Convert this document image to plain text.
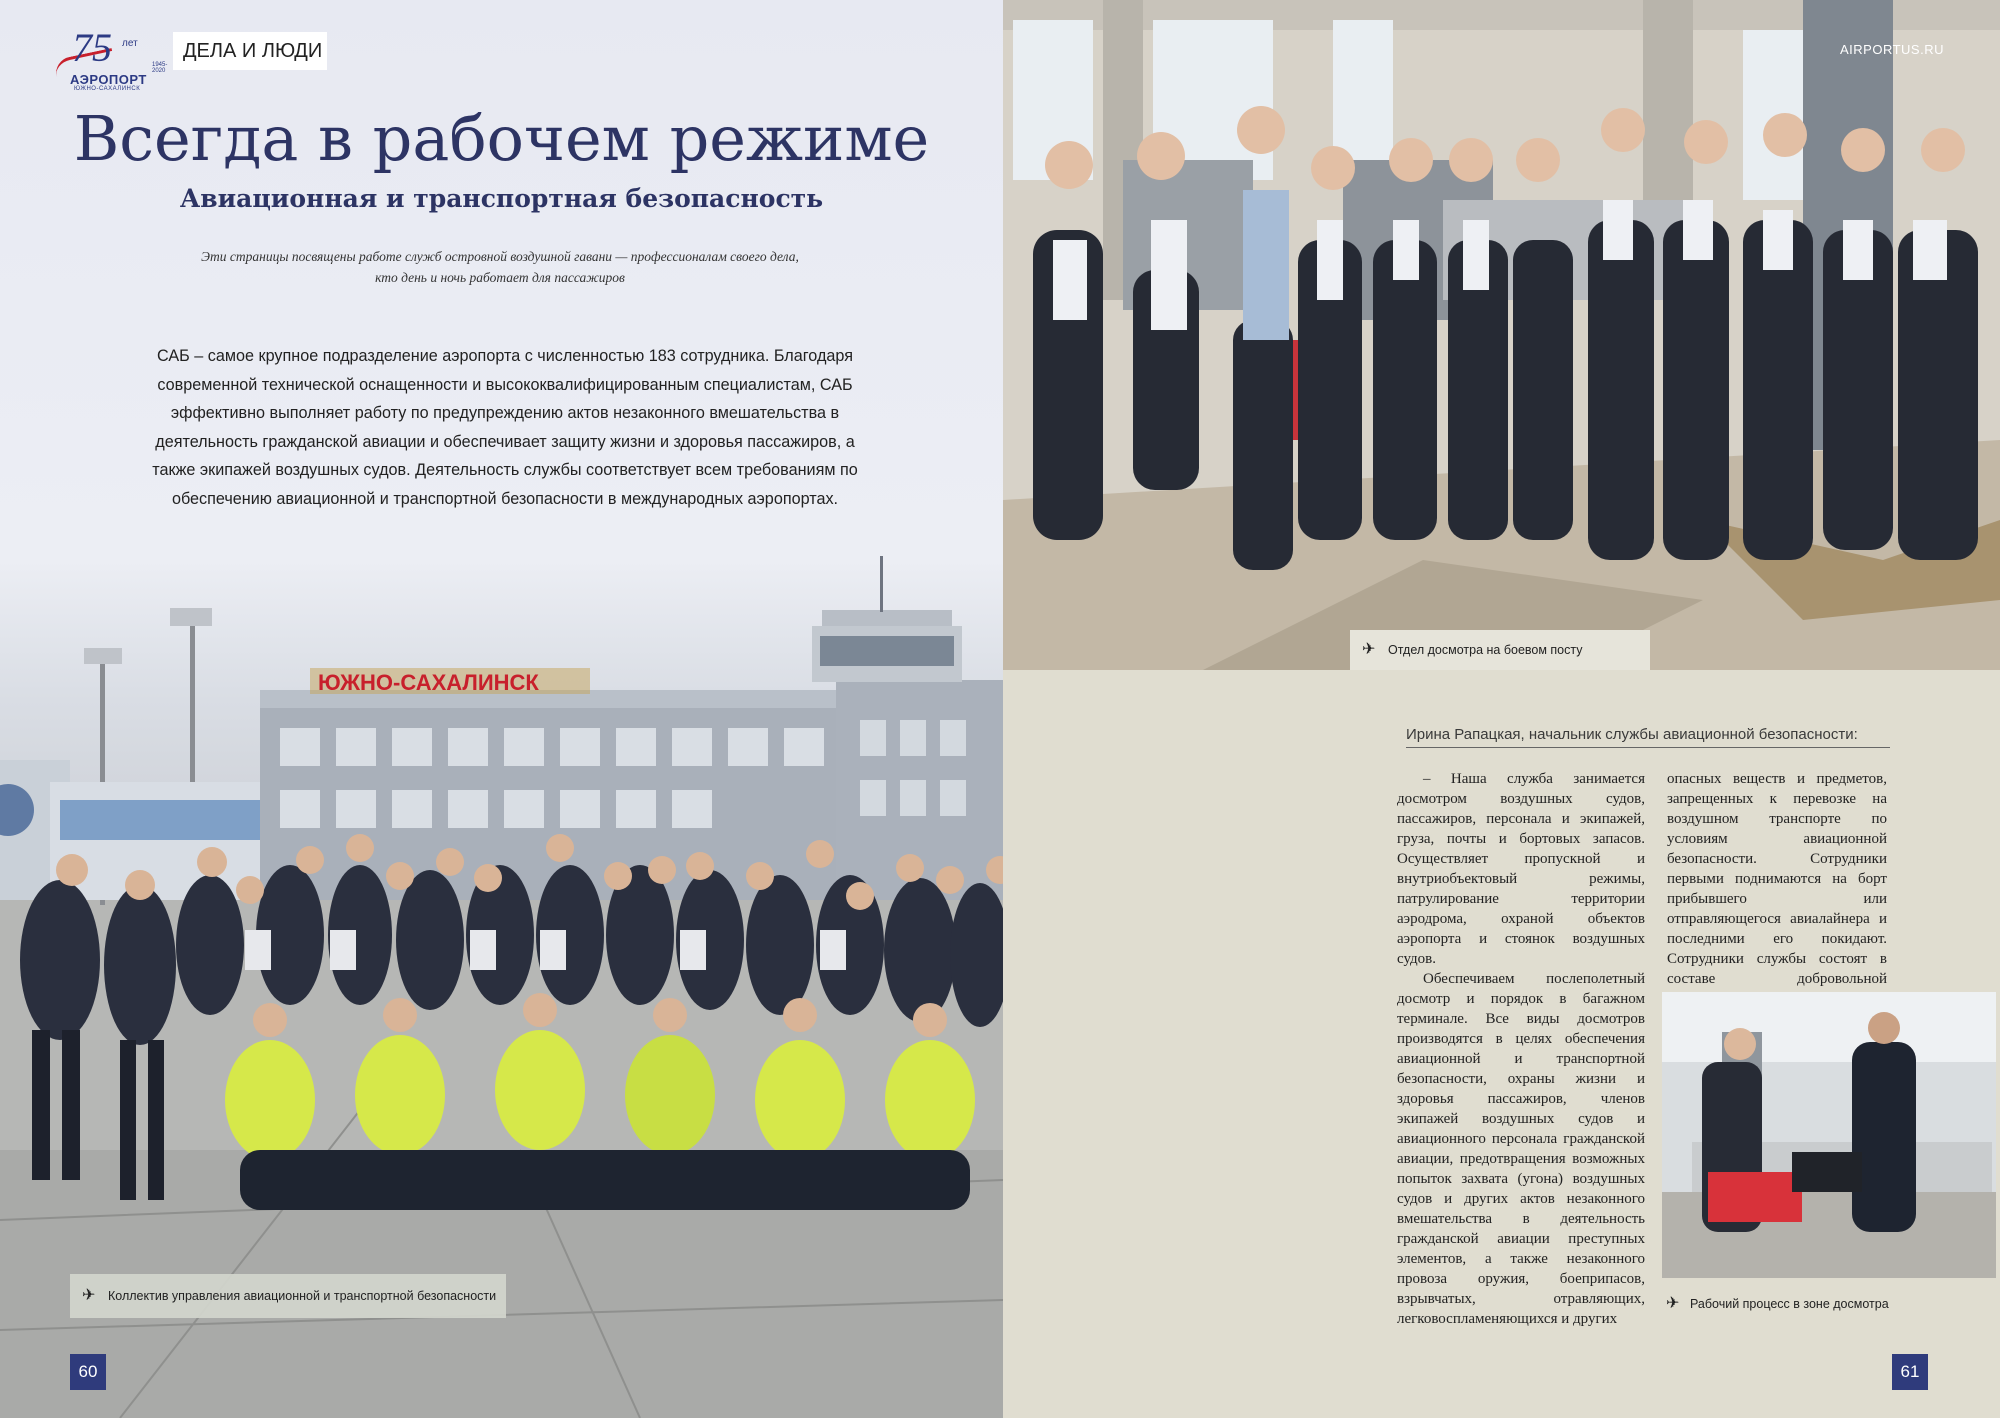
ЮЖНО-САХАЛИНСК
75 лет
1945-2020
АЭРОПОРТ
ЮЖНО-САХАЛИНСК
ДЕЛА И ЛЮДИ
Всегда в рабочем режиме
Авиационная и транспортная безопасность
Эти страницы посвящены работе служб островной воздушной гавани — профессионалам своего дела, кто день и ночь работает для пассажиров
САБ – самое крупное подразделение аэропорта с численностью 183 сотрудника. Благодаря современной технической оснащенности и высококвалифицированным специалистам, САБ эффективно выполняет работу по предупреждению актов незаконного вмешательства в деятельность гражданской авиации и обеспечивает защиту жизни и здоровья пассажиров, а также экипажей воздушных судов. Деятельность службы соответствует всем требованиям по обеспечению авиационной и транспортной безопасности в международных аэропортах.
✈ Коллектив управления авиационной и транспортной безопасности
60
AIRPORTUS.RU
✈ Отдел досмотра на боевом посту
Ирина Рапацкая, начальник службы авиационной безопасности:

– Наша служба занимается досмотром воздушных судов, пассажиров, персонала и экипажей, груза, почты и бортовых запасов. Осуществляет пропускной и внутриобъектовый режимы, патрулирование территории аэродрома, охраной объектов аэропорта и стоянок воздушных судов.

Обеспечиваем послеполетный досмотр и порядок в багажном терминале. Все виды досмотров производятся в целях обеспечения авиационной и транспортной безопасности, охраны жизни и здоровья пассажиров, членов экипажей воздушных судов и авиационного персонала гражданской авиации, предотвращения возможных попыток захвата (угона) воздушных судов и других актов незаконного вмешательства в деятельность гражданской авиации преступных элементов, а также незаконного провоза оружия, боеприпасов, взрывчатых, отравляющих, легковоспламеняющихся и других

опасных веществ и предметов, запрещенных к перевозке на воздушном транспорте по условиям авиационной безопасности. Сотрудники первыми поднимаются на борт прибывшего или отправляющегося авиалайнера и последними его покидают. Сотрудники службы состоят в составе добровольной

✈ Рабочий процесс в зоне досмотра
61
